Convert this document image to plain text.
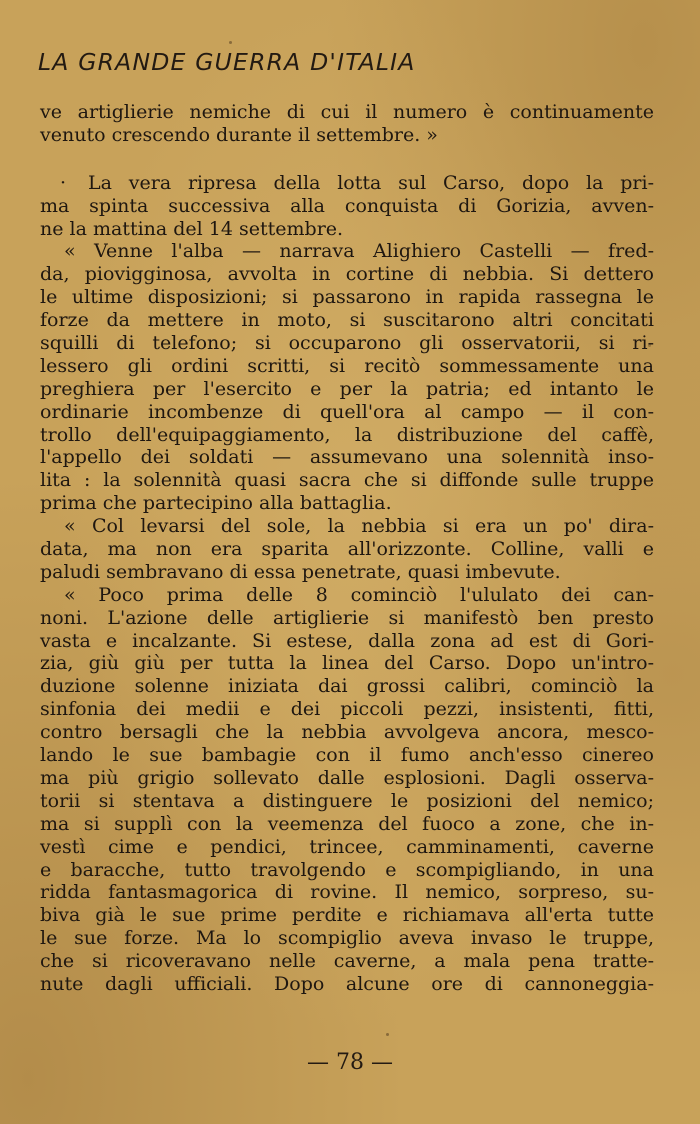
LA GRANDE GUERRA D'ITALIA
ve artiglierie nemiche di cui il numero è continuamente
venuto crescendo durante il settembre. »
· La vera ripresa della lotta sul Carso, dopo la pri-
ma spinta successiva alla conquista di Gorizia, avven-
ne la mattina del 14 settembre.
« Venne l'alba — narrava Alighiero Castelli — fred-
da, piovigginosa, avvolta in cortine di nebbia. Si dettero
le ultime disposizioni; si passarono in rapida rassegna le
forze da mettere in moto, si suscitarono altri concitati
squilli di telefono; si occuparono gli osservatorii, si ri-
lessero gli ordini scritti, si recitò sommessamente una
preghiera per l'esercito e per la patria; ed intanto le
ordinarie incombenze di quell'ora al campo — il con-
trollo dell'equipaggiamento, la distribuzione del caffè,
l'appello dei soldati — assumevano una solennità inso-
lita : la solennità quasi sacra che si diffonde sulle truppe
prima che partecipino alla battaglia.
« Col levarsi del sole, la nebbia si era un po' dira-
data, ma non era sparita all'orizzonte. Colline, valli e
paludi sembravano di essa penetrate, quasi imbevute.
« Poco prima delle 8 cominciò l'ululato dei can-
noni. L'azione delle artiglierie si manifestò ben presto
vasta e incalzante. Si estese, dalla zona ad est di Gori-
zia, giù giù per tutta la linea del Carso. Dopo un'intro-
duzione solenne iniziata dai grossi calibri, cominciò la
sinfonia dei medii e dei piccoli pezzi, insistenti, fitti,
contro bersagli che la nebbia avvolgeva ancora, mesco-
lando le sue bambagie con il fumo anch'esso cinereo
ma più grigio sollevato dalle esplosioni. Dagli osserva-
torii si stentava a distinguere le posizioni del nemico;
ma si supplì con la veemenza del fuoco a zone, che in-
vestì cime e pendici, trincee, camminamenti, caverne
e baracche, tutto travolgendo e scompigliando, in una
ridda fantasmagorica di rovine. Il nemico, sorpreso, su-
biva già le sue prime perdite e richiamava all'erta tutte
le sue forze. Ma lo scompiglio aveva invaso le truppe,
che si ricoveravano nelle caverne, a mala pena tratte-
nute dagli ufficiali. Dopo alcune ore di cannoneggia-
— 78 —
